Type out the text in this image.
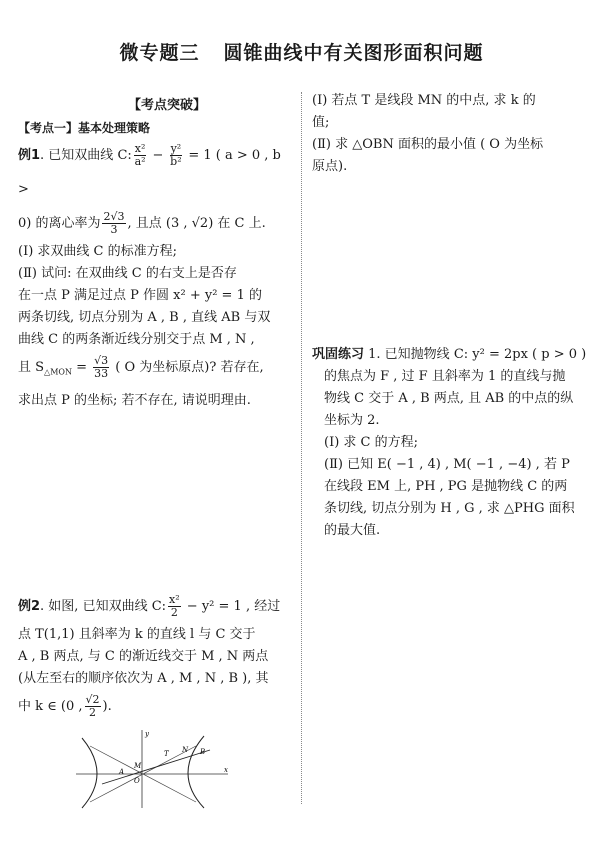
微专题三 圆锥曲线中有关图形面积问题
【考点突破】
【考点一】基本处理策略
例1. 已知双曲线 C: $\frac{\text{x²}}{\text{a²}} - \frac{\text{y²}}{\text{b²}} = 1$ ( a > 0 , b >
0) 的离心率为 $\frac{2√3}{3}$ , 且点 (3 , √2) 在 C 上.
(Ⅰ) 求双曲线 C 的标准方程;
(Ⅱ) 试问: 在双曲线 C 的右支上是否存
在一点 P 满足过点 P 作圆 x² + y² = 1 的
两条切线, 切点分别为 A , B , 直线 AB 与双
曲线 C 的两条渐近线分别交于点 M , N ,
且 $S_{\triangle MON} = \frac{√3}{33}$ ( O 为坐标原点)? 若存在,
求出点 P 的坐标; 若不存在, 请说明理由.
例2. 如图, 已知双曲线 C: $\frac{\text{x²}}{2} - y^2 = 1$ , 经过
点 T(1,1) 且斜率为 k 的直线 l 与 C 交于
A , B 两点, 与 C 的渐近线交于 M , N 两点
(从左至右的顺序依次为 A , M , N , B ), 其
中 k ∈ (0 , $\frac{√2}{2}$ ).
y
x
O
A
M
T N B
(Ⅰ) 若点 T 是线段 MN 的中点, 求 k 的
值;
(Ⅱ) 求 △OBN 面积的最小值 ( O 为坐标
原点).
巩固练习 1. 已知抛物线 C: y² = 2px ( p > 0 )
的焦点为 F , 过 F 且斜率为 1 的直线与抛
物线 C 交于 A , B 两点, 且 AB 的中点的纵
坐标为 2.
(Ⅰ) 求 C 的方程;
(Ⅱ) 已知 E( −1 , 4) , M( −1 , −4) , 若 P
在线段 EM 上, PH , PG 是抛物线 C 的两
条切线, 切点分别为 H , G , 求 △PHG 面积
的最大值.
